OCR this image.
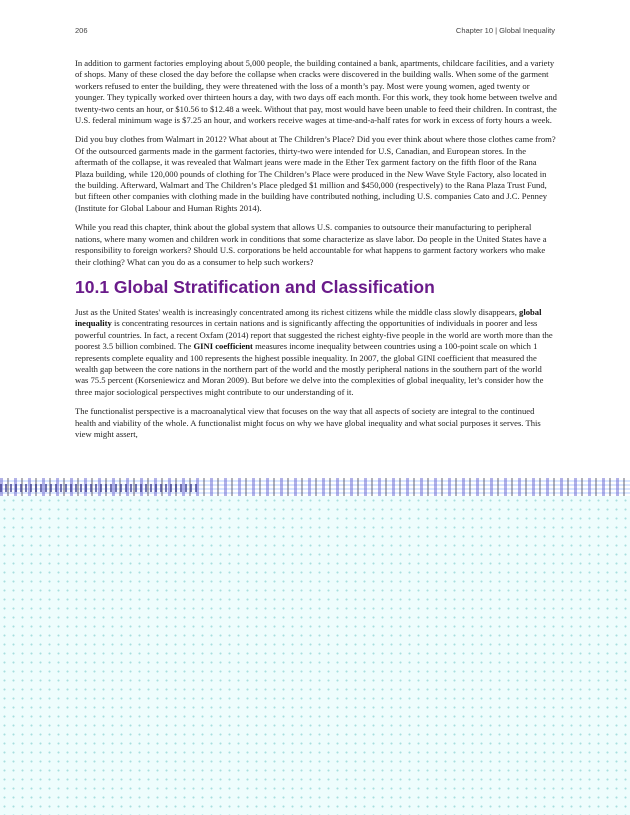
206	Chapter 10 | Global Inequality

In addition to garment factories employing about 5,000 people, the building contained a bank, apartments, childcare facilities, and a variety of shops. Many of these closed the day before the collapse when cracks were discovered in the building walls. When some of the garment workers refused to enter the building, they were threatened with the loss of a month’s pay. Most were young women, aged twenty or younger. They typically worked over thirteen hours a day, with two days off each month. For this work, they took home between twelve and twenty-two cents an hour, or $10.56 to $12.48 a week. Without that pay, most would have been unable to feed their children. In contrast, the U.S. federal minimum wage is $7.25 an hour, and workers receive wages at time-and-a-half rates for work in excess of forty hours a week.

Did you buy clothes from Walmart in 2012? What about at The Children’s Place? Did you ever think about where those clothes came from? Of the outsourced garments made in the garment factories, thirty-two were intended for U.S, Canadian, and European stores. In the aftermath of the collapse, it was revealed that Walmart jeans were made in the Ether Tex garment factory on the fifth floor of the Rana Plaza building, while 120,000 pounds of clothing for The Children’s Place were produced in the New Wave Style Factory, also located in the building. Afterward, Walmart and The Children’s Place pledged $1 million and $450,000 (respectively) to the Rana Plaza Trust Fund, but fifteen other companies with clothing made in the building have contributed nothing, including U.S. companies Cato and J.C. Penney (Institute for Global Labour and Human Rights 2014).

While you read this chapter, think about the global system that allows U.S. companies to outsource their manufacturing to peripheral nations, where many women and children work in conditions that some characterize as slave labor. Do people in the United States have a responsibility to foreign workers? Should U.S. corporations be held accountable for what happens to garment factory workers who make their clothing? What can you do as a consumer to help such workers?

10.1 Global Stratification and Classification

Just as the United States' wealth is increasingly concentrated among its richest citizens while the middle class slowly disappears, global inequality is concentrating resources in certain nations and is significantly affecting the opportunities of individuals in poorer and less powerful countries. In fact, a recent Oxfam (2014) report that suggested the richest eighty-five people in the world are worth more than the poorest 3.5 billion combined. The GINI coefficient measures income inequality between countries using a 100-point scale on which 1 represents complete equality and 100 represents the highest possible inequality. In 2007, the global GINI coefficient that measured the wealth gap between the core nations in the northern part of the world and the mostly peripheral nations in the southern part of the world was 75.5 percent (Korseniewicz and Moran 2009). But before we delve into the complexities of global inequality, let’s consider how the three major sociological perspectives might contribute to our understanding of it.

The functionalist perspective is a macroanalytical view that focuses on the way that all aspects of society are integral to the continued health and viability of the whole. A functionalist might focus on why we have global inequality and what social purposes it serves. This view might assert,
